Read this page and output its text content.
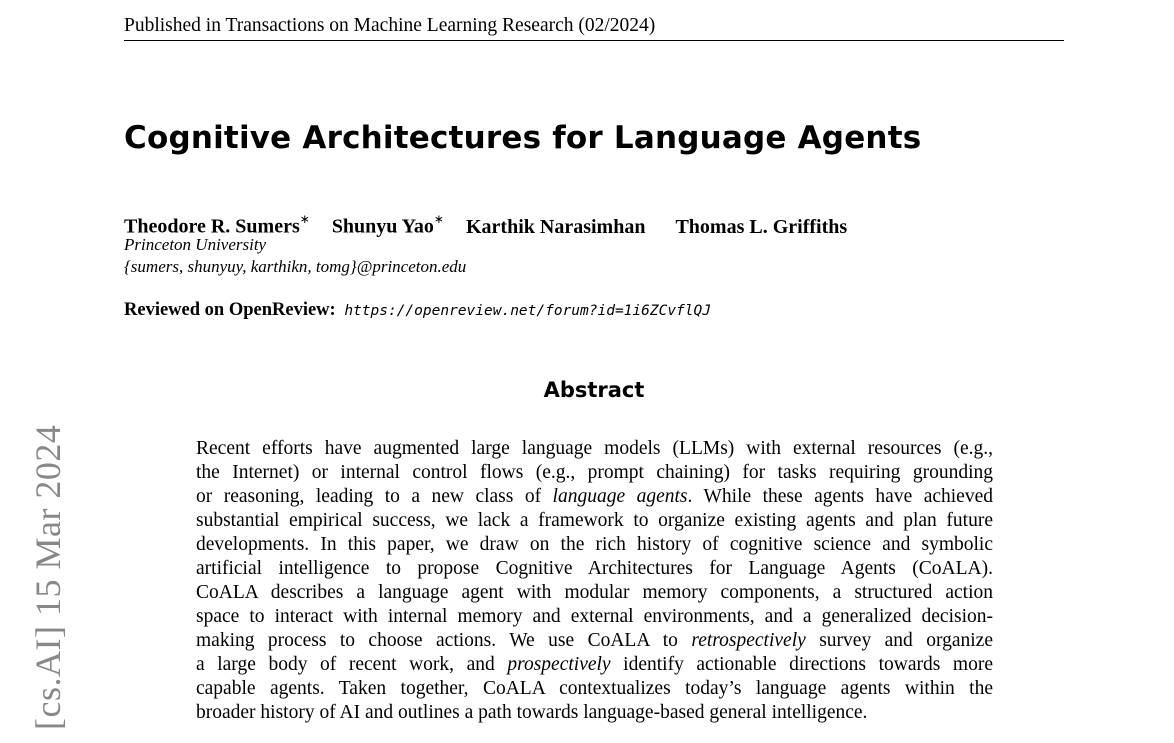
Published in Transactions on Machine Learning Research (02/2024)
Cognitive Architectures for Language Agents
Theodore R. Sumers∗ Shunyu Yao∗ Karthik Narasimhan Thomas L. Griffiths
Princeton University
{sumers, shunyuy, karthikn, tomg}@princeton.edu
Reviewed on OpenReview: https://openreview.net/forum?id=1i6ZCvflQJ
Abstract
Recent efforts have augmented large language models (LLMs) with external resources (e.g.,
the Internet) or internal control flows (e.g., prompt chaining) for tasks requiring grounding
or reasoning, leading to a new class of language agents. While these agents have achieved
substantial empirical success, we lack a framework to organize existing agents and plan future
developments. In this paper, we draw on the rich history of cognitive science and symbolic
artificial intelligence to propose Cognitive Architectures for Language Agents (CoALA).
CoALA describes a language agent with modular memory components, a structured action
space to interact with internal memory and external environments, and a generalized decision-
making process to choose actions. We use CoALA to retrospectively survey and organize
a large body of recent work, and prospectively identify actionable directions towards more
capable agents. Taken together, CoALA contextualizes today’s language agents within the
broader history of AI and outlines a path towards language-based general intelligence.
[cs.AI] 15 Mar 2024
